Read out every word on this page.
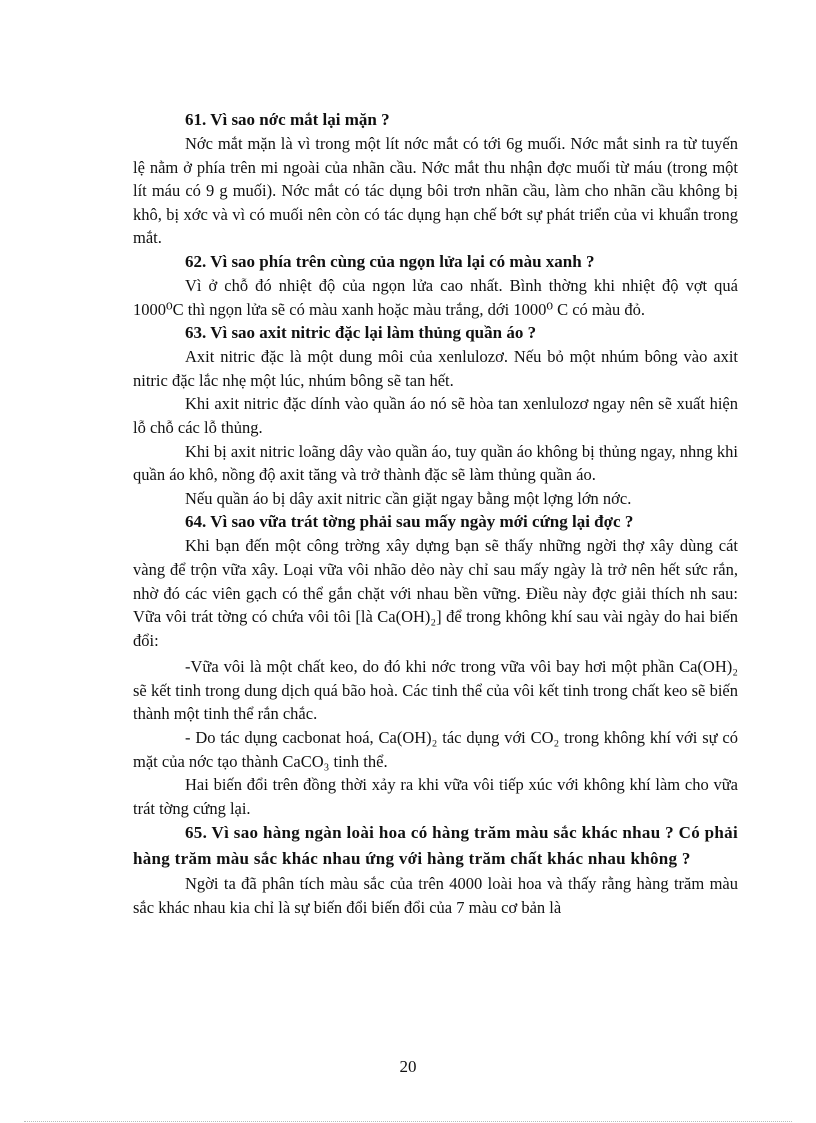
61. Vì sao nớc mắt lại mặn ?

Nớc mắt mặn là vì trong một lít nớc mắt có tới 6g muối. Nớc mắt sinh ra từ tuyến lệ nằm ở phía trên mi ngoài của nhãn cầu. Nớc mắt thu nhận đợc muối từ máu (trong một lít máu có 9 g muối). Nớc mắt có tác dụng bôi trơn nhãn cầu, làm cho nhãn cầu không bị khô, bị xớc và vì có muối nên còn có tác dụng hạn chế bớt sự phát triển của vi khuẩn trong mắt.

62. Vì sao phía trên cùng của ngọn lửa lại có màu xanh ?

Vì ở chỗ đó nhiệt độ của ngọn lửa cao nhất. Bình thờng khi nhiệt độ vợt quá 1000⁰C thì ngọn lửa sẽ có màu xanh hoặc màu trắng, dới 1000⁰ C có màu đỏ.

63. Vì sao axit nitric đặc lại làm thủng quần áo ?

Axit nitric đặc là một dung môi của xenlulozơ. Nếu bỏ một nhúm bông vào axit nitric đặc lắc nhẹ một lúc, nhúm bông sẽ tan hết.

Khi axit nitric đặc dính vào quần áo nó sẽ hòa tan xenlulozơ ngay nên sẽ xuất hiện lỗ chỗ các lỗ thủng.

Khi bị axit nitric loãng dây vào quần áo, tuy quần áo không bị thủng ngay, nhng khi quần áo khô, nồng độ axit tăng và trở thành đặc sẽ làm thủng quần áo.

Nếu quần áo bị dây axit nitric cần giặt ngay bằng một lợng lớn nớc.

64. Vì sao vữa trát tờng phải sau mấy ngày mới cứng lại đợc ?

Khi bạn đến một công trờng xây dựng bạn sẽ thấy những ngời thợ xây dùng cát vàng để trộn vữa xây. Loại vữa vôi nhão dẻo này chỉ sau mấy ngày là trở nên hết sức rắn, nhờ đó các viên gạch có thể gắn chặt với nhau bền vững. Điều này đợc giải thích nh sau: Vữa vôi trát tờng có chứa vôi tôi [là Ca(OH)₂] để trong không khí sau vài ngày do hai biến đổi:

-Vữa vôi là một chất keo, do đó khi nớc trong vữa vôi bay hơi một phần Ca(OH)₂ sẽ kết tinh trong dung dịch quá bão hoà. Các tinh thể của vôi kết tinh trong chất keo sẽ biến thành một tinh thể rắn chắc.

- Do tác dụng cacbonat hoá, Ca(OH)₂ tác dụng với CO₂ trong không khí với sự có mặt của nớc tạo thành CaCO₃ tinh thể.

Hai biến đổi trên đồng thời xảy ra khi vữa vôi tiếp xúc với không khí làm cho vữa trát tờng cứng lại.

65. Vì sao hàng ngàn loài hoa có hàng trăm màu sắc khác nhau ? Có phải hàng trăm màu sắc khác nhau ứng với hàng trăm chất khác nhau không ?

Ngời ta đã phân tích màu sắc của trên 4000 loài hoa và thấy rằng hàng trăm màu sắc khác nhau kia chỉ là sự biến đổi biến đổi của 7 màu cơ bản là

20
